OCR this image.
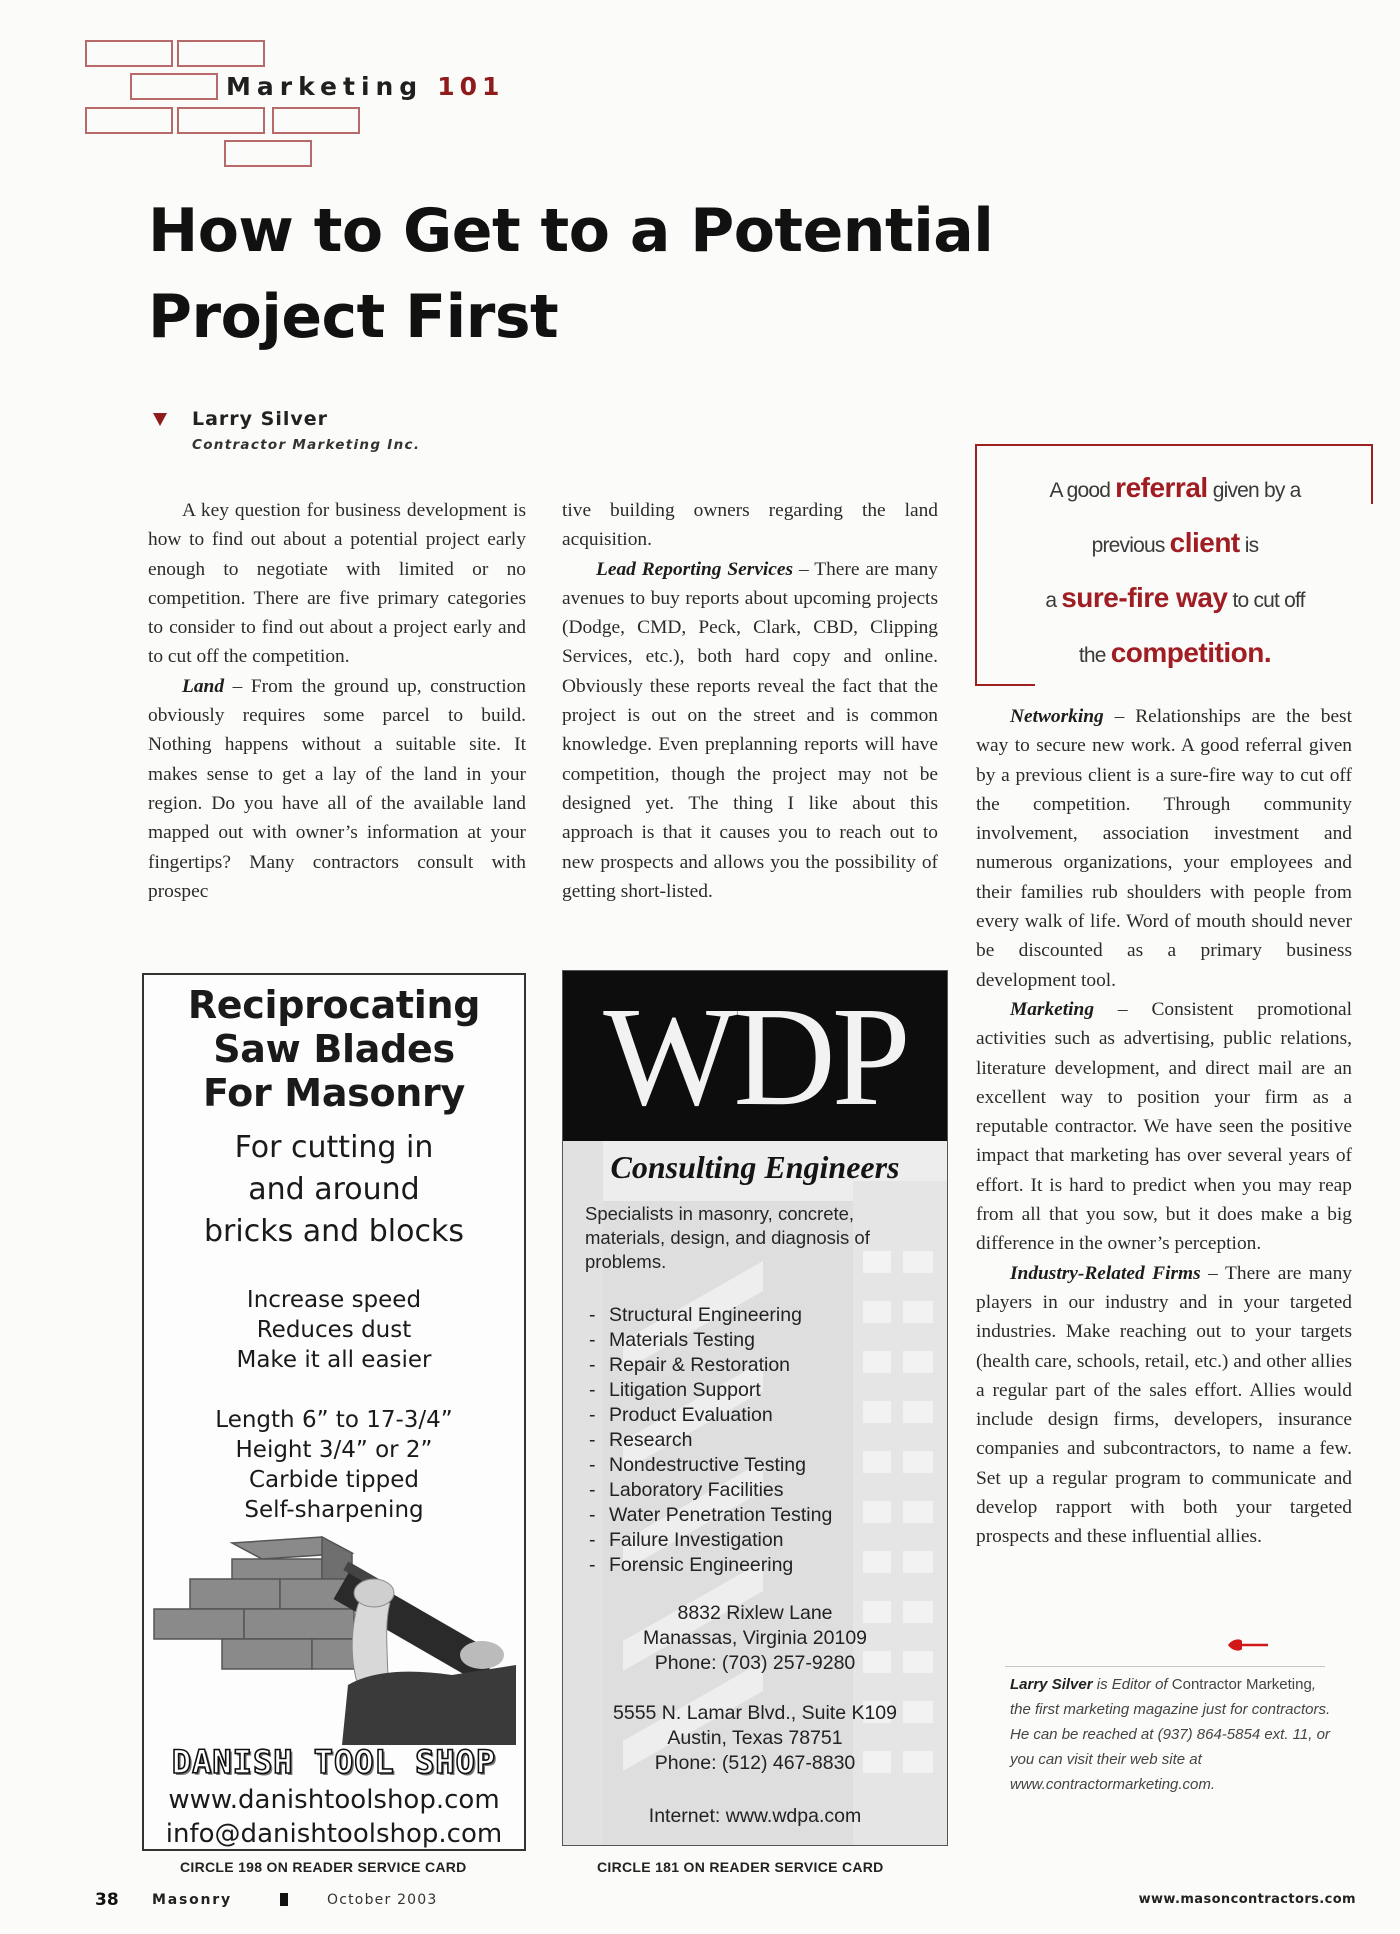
Marketing 101
How to Get to a Potential
Project First
Larry Silver
Contractor Marketing Inc.

A key question for business development is how to find out about a potential project early enough to negotiate with limited or no competition. There are five primary categories to consider to find out about a project early and to cut off the competition.

Land – From the ground up, construction obviously requires some parcel to build. Nothing happens without a suitable site. It makes sense to get a lay of the land in your region. Do you have all of the available land mapped out with owner’s information at your fingertips? Many contractors consult with prospec

tive building owners regarding the land acquisition.

Lead Reporting Services – There are many avenues to buy reports about upcoming projects (Dodge, CMD, Peck, Clark, CBD, Clipping Services, etc.), both hard copy and online. Obviously these reports reveal the fact that the project is out on the street and is common knowledge. Even preplanning reports will have competition, though the project may not be designed yet. The thing I like about this approach is that it causes you to reach out to new prospects and allows you the possibility of getting short-listed.

A good referral given by a
previous client is
a sure-fire way to cut off
the competition.

Networking – Relationships are the best way to secure new work. A good referral given by a previous client is a sure-fire way to cut off the competition. Through community involvement, association investment and numerous organizations, your employees and their families rub shoulders with people from every walk of life. Word of mouth should never be discounted as a primary business development tool.

Marketing – Consistent promotional activities such as advertising, public relations, literature development, and direct mail are an excellent way to position your firm as a reputable contractor. We have seen the positive impact that marketing has over several years of effort. It is hard to predict when you may reap from all that you sow, but it does make a big difference in the owner’s perception.

Industry-Related Firms – There are many players in our industry and in your targeted industries. Make reaching out to your targets (health care, schools, retail, etc.) and other allies a regular part of the sales effort. Allies would include design firms, developers, insurance companies and subcontractors, to name a few. Set up a regular program to communicate and develop rapport with both your targeted prospects and these influential allies.

Larry Silver is Editor of Contractor Marketing, the first marketing magazine just for contractors. He can be reached at (937) 864-5854 ext. 11, or you can visit their web site at www.contractormarketing.com.
Reciprocating
Saw Blades
For Masonry
For cutting in
and around
bricks and blocks
Increase speed
Reduces dust
Make it all easier
Length 6” to 17-3/4”
Height 3/4” or 2”
Carbide tipped
Self-sharpening
DANISH TOOL SHOP
www.danishtoolshop.com
info@danishtoolshop.com
CIRCLE 198 ON READER SERVICE CARD
WDP
Consulting Engineers
Specialists in masonry, concrete, materials, design, and diagnosis of problems.
- Structural Engineering
- Materials Testing
- Repair & Restoration
- Litigation Support
- Product Evaluation
- Research
- Nondestructive Testing
- Laboratory Facilities
- Water Penetration Testing
- Failure Investigation
- Forensic Engineering
8832 Rixlew Lane
Manassas, Virginia 20109
Phone: (703) 257-9280
5555 N. Lamar Blvd., Suite K109
Austin, Texas 78751
Phone: (512) 467-8830
Internet: www.wdpa.com
CIRCLE 181 ON READER SERVICE CARD
38 Masonry	October 2003	www.masoncontractors.com
